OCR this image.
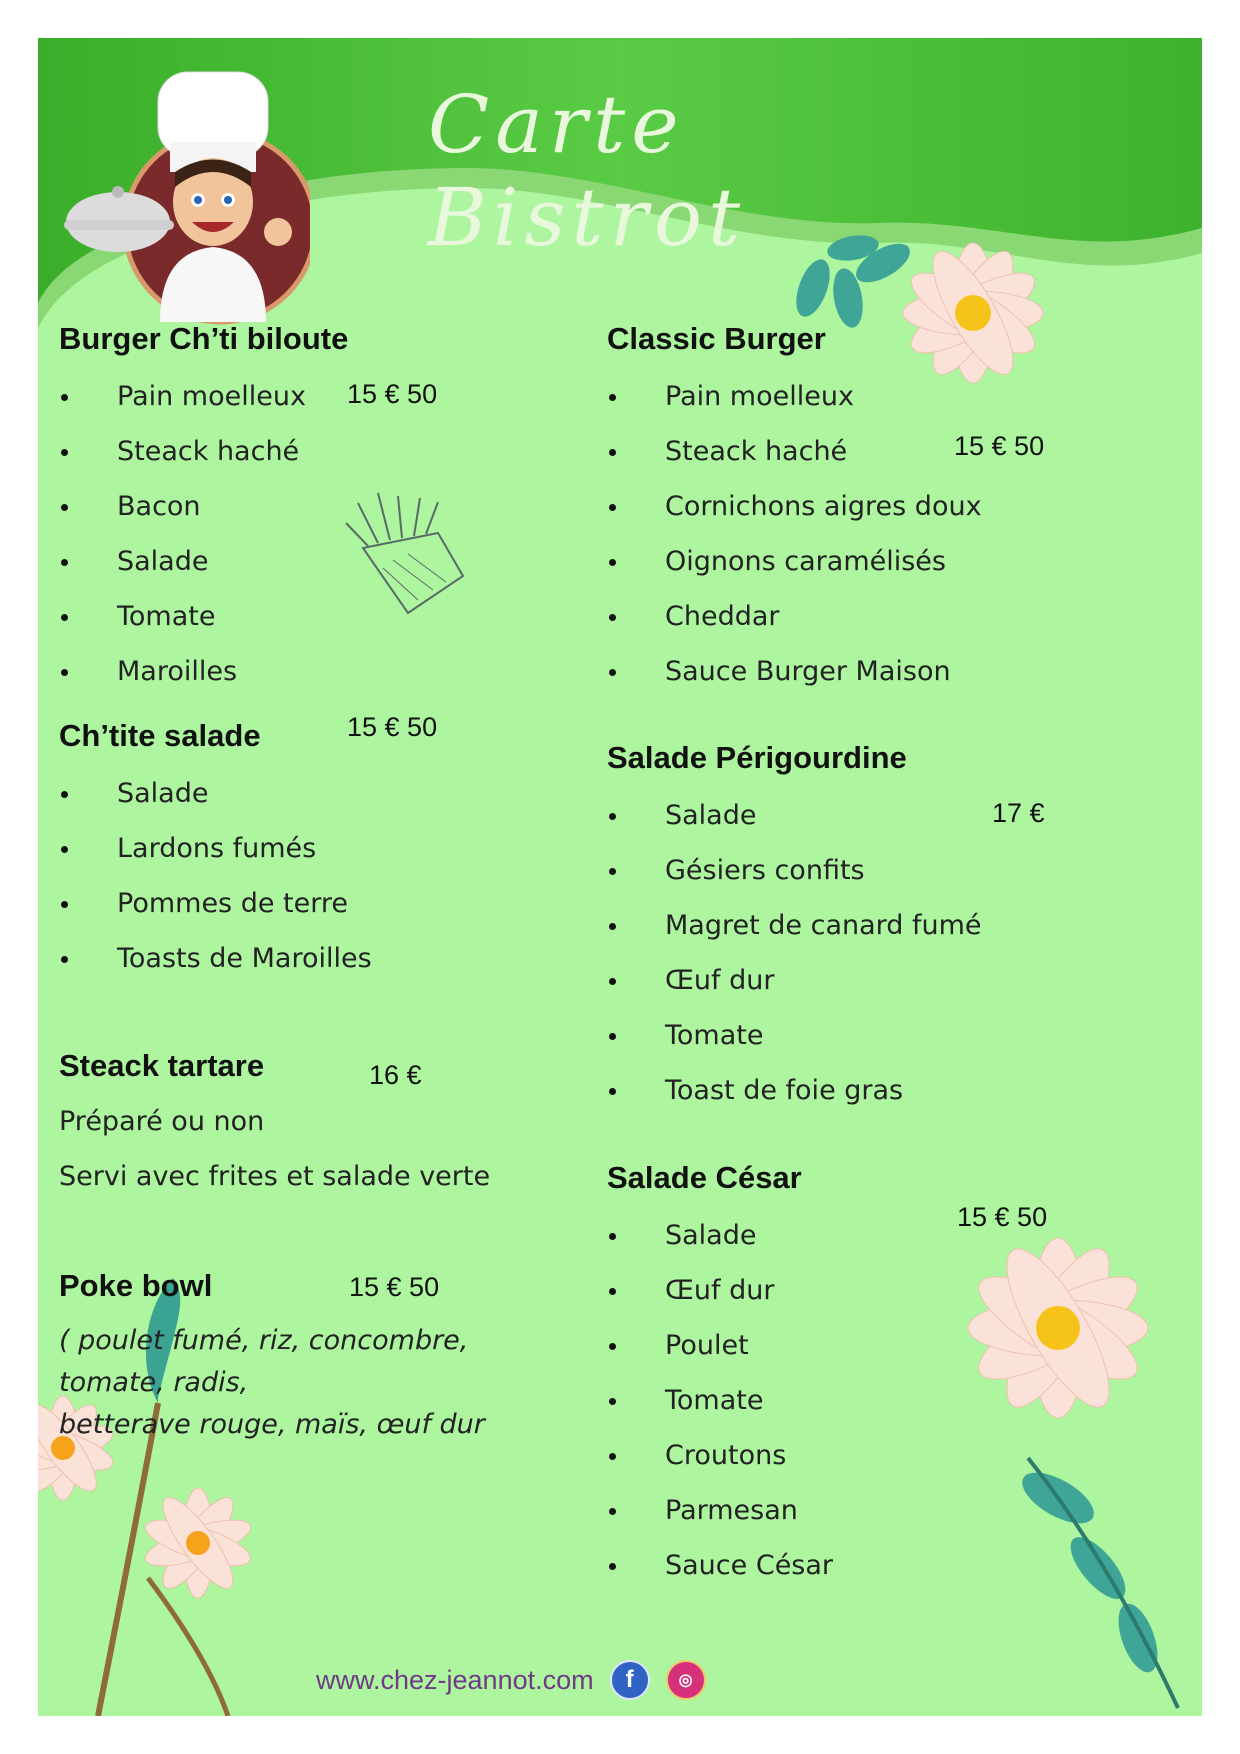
Carte Bistrot
Burger Ch’ti biloute
15 € 50
Pain moelleux
Steack haché
Bacon
Salade
Tomate
Maroilles
Ch’tite salade	15 € 50
Salade
Lardons fumés
Pommes de terre
Toasts de Maroilles
Steack tartare	16 €

Préparé ou non

Servi avec frites et salade verte

Poke bowl	15 € 50

( poulet fumé, riz, concombre,

tomate, radis,

betterave rouge, maïs, œuf dur

Classic Burger
15 € 50
Pain moelleux
Steack haché
Cornichons aigres doux
Oignons caramélisés
Cheddar
Sauce Burger Maison
Salade Périgourdine
17 €
Salade
Gésiers confits
Magret de canard fumé
Œuf dur
Tomate
Toast de foie gras
Salade César
15 € 50
Salade
Œuf dur
Poulet
Tomate
Croutons
Parmesan
Sauce César
www.chez-jeannot.com	f	◎
